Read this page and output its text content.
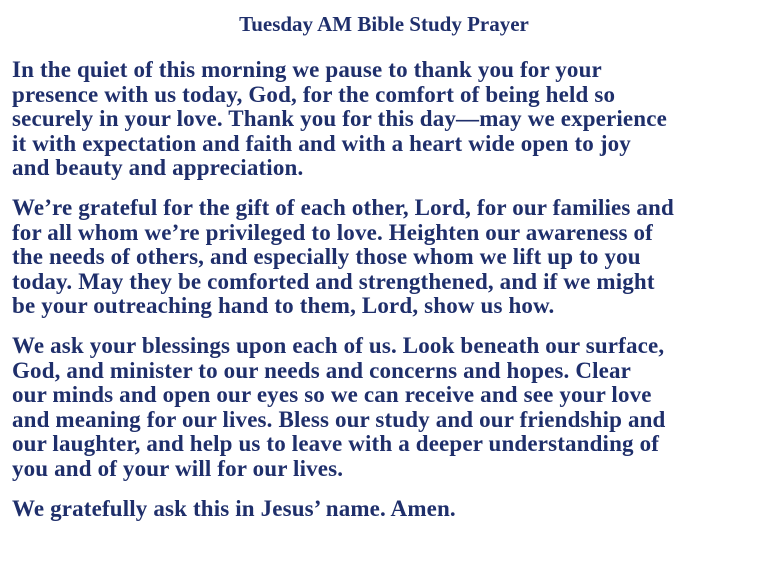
Tuesday AM Bible Study Prayer

In the quiet of this morning we pause to thank you for your
presence with us today, God, for the comfort of being held so
securely in your love. Thank you for this day—may we experience
it with expectation and faith and with a heart wide open to joy
and beauty and appreciation.

We’re grateful for the gift of each other, Lord, for our families and
for all whom we’re privileged to love. Heighten our awareness of
the needs of others, and especially those whom we lift up to you
today. May they be comforted and strengthened, and if we might
be your outreaching hand to them, Lord, show us how.

We ask your blessings upon each of us. Look beneath our surface,
God, and minister to our needs and concerns and hopes. Clear
our minds and open our eyes so we can receive and see your love
and meaning for our lives. Bless our study and our friendship and
our laughter, and help us to leave with a deeper understanding of
you and of your will for our lives.

We gratefully ask this in Jesus’ name. Amen.
